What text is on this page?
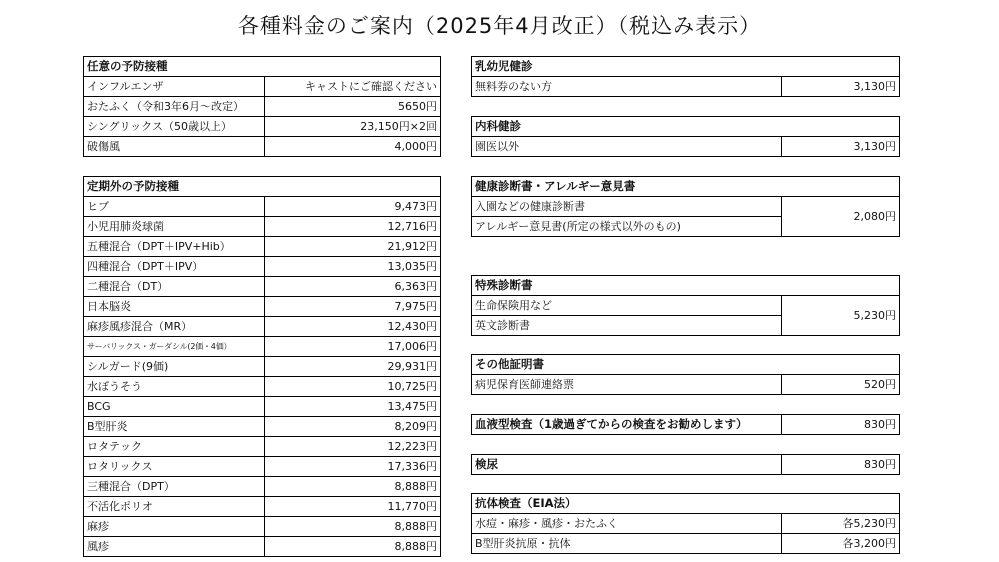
各種料金のご案内（2025年4月改正）（税込み表示）
任意の予防接種	
インフルエンザ	キャストにご確認ください
おたふく（令和3年6月～改定）	5650円
シングリックス（50歳以上）	23,150円×2回
破傷風	4,000円
定期外の予防接種	
ヒブ	9,473円
小児用肺炎球菌	12,716円
五種混合（DPT＋IPV+Hib）	21,912円
四種混合（DPT＋IPV）	13,035円
二種混合（DT）	6,363円
日本脳炎	7,975円
麻疹風疹混合（MR）	12,430円
サーバリックス・ガーダシル(2価・4価）	17,006円
シルガード(9価)	29,931円
水ぼうそう	10,725円
BCG	13,475円
B型肝炎	8,209円
ロタテック	12,223円
ロタリックス	17,336円
三種混合（DPT）	8,888円
不活化ポリオ	11,770円
麻疹	8,888円
風疹	8,888円
乳幼児健診
無料券のない方	3,130円
内科健診
園医以外	3,130円
健康診断書・アレルギー意見書
入園などの健康診断書	2,080円
アレルギー意見書(所定の様式以外のもの)
特殊診断書
生命保険用など	5,230円
英文診断書
その他証明書
病児保育医師連絡票	520円
血液型検査（1歳過ぎてからの検査をお勧めします）	830円
検尿	830円
抗体検査（EIA法）	
水痘・麻疹・風疹・おたふく	各5,230円
B型肝炎抗原・抗体	各3,200円
